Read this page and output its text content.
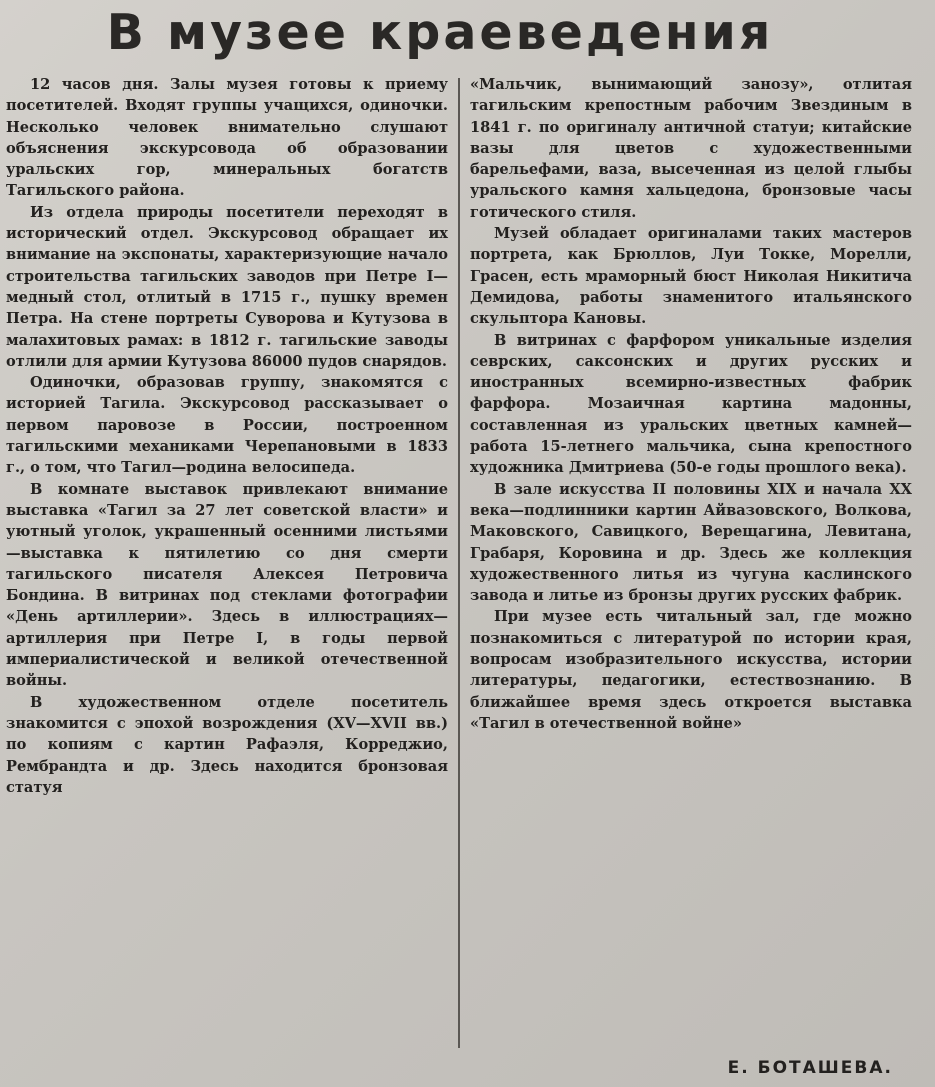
В музее краеведения

12 часов дня. Залы музея готовы к приему посетителей. Входят группы учащихся, одиночки. Несколько человек внимательно слушают объяснения экскурсовода об образовании уральских гор, минеральных богатств Тагильского района.

Из отдела природы посетители переходят в исторический отдел. Экскурсовод обращает их внимание на экспонаты, характеризующие начало строительства тагильских заводов при Петре I—медный стол, отлитый в 1715 г., пушку времен Петра. На стене портреты Суворова и Кутузова в малахитовых рамах: в 1812 г. тагильские заводы отлили для армии Кутузова 86000 пудов снарядов.

Одиночки, образовав группу, знакомятся с историей Тагила. Экскурсовод рассказывает о первом паровозе в России, построенном тагильскими механиками Черепановыми в 1833 г., о том, что Тагил—родина велосипеда.

В комнате выставок привлекают внимание выставка «Тагил за 27 лет советской власти» и уютный уголок, украшенный осенними листьями—выставка к пятилетию со дня смерти тагильского писателя Алексея Петровича Бондина. В витринах под стеклами фотографии «День артиллерии». Здесь в иллюстрациях—артиллерия при Петре I, в годы первой империалистической и великой отечественной войны.

В художественном отделе посетитель знакомится с эпохой возрождения (XV—XVII вв.) по копиям с картин Рафаэля, Корреджио, Рембрандта и др. Здесь находится бронзовая статуя

«Мальчик, вынимающий занозу», отлитая тагильским крепостным рабочим Звездиным в 1841 г. по оригиналу античной статуи; китайские вазы для цветов с художественными барельефами, ваза, высеченная из целой глыбы уральского камня хальцедона, бронзовые часы готического стиля.

Музей обладает оригиналами таких мастеров портрета, как Брюллов, Луи Токке, Морелли, Грасен, есть мраморный бюст Николая Никитича Демидова, работы знаменитого итальянского скульптора Кановы.

В витринах с фарфором уникальные изделия севрских, саксонских и других русских и иностранных всемирно-известных фабрик фарфора. Мозаичная картина мадонны, составленная из уральских цветных камней—работа 15-летнего мальчика, сына крепостного художника Дмитриева (50-е годы прошлого века).

В зале искусства II половины XIX и начала XX века—подлинники картин Айвазовского, Волкова, Маковского, Савицкого, Верещагина, Левитана, Грабаря, Коровина и др. Здесь же коллекция художественного литья из чугуна каслинского завода и литье из бронзы других русских фабрик.

При музее есть читальный зал, где можно познакомиться с литературой по истории края, вопросам изобразительного искусства, истории литературы, педагогики, естествознанию. В ближайшее время здесь откроется выставка «Тагил в отечественной войне»

Е. БОТАШЕВА.
